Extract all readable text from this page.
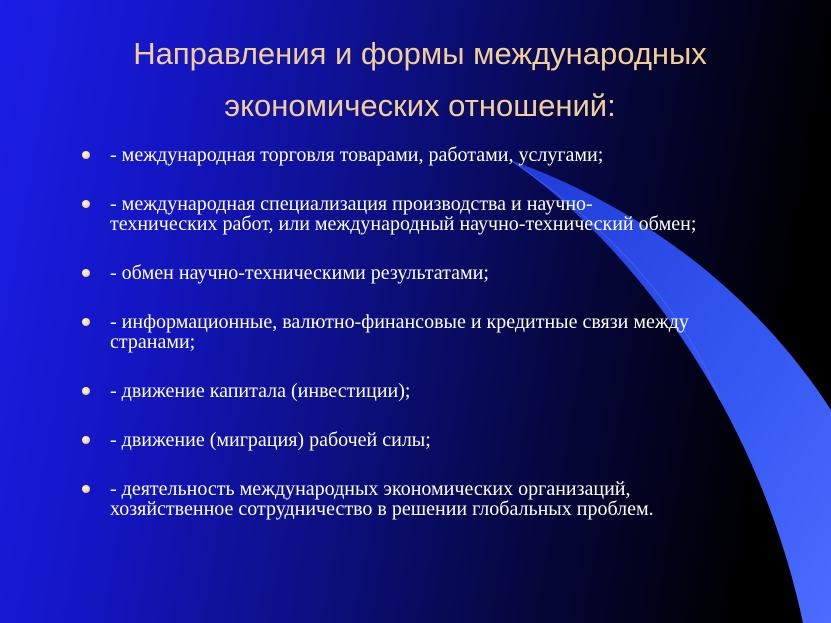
Направления и формы международных
экономических отношений:
- международная торговля товарами, работами, услугами;
- международная специализация производства и научно-технических работ, или международный научно-технический обмен;
- обмен научно-техническими результатами;
- информационные, валютно-финансовые и кредитные связи между странами;
- движение капитала (инвестиции);
- движение (миграция) рабочей силы;
- деятельность международных экономических организаций, хозяйственное сотрудничество в решении глобальных проблем.
